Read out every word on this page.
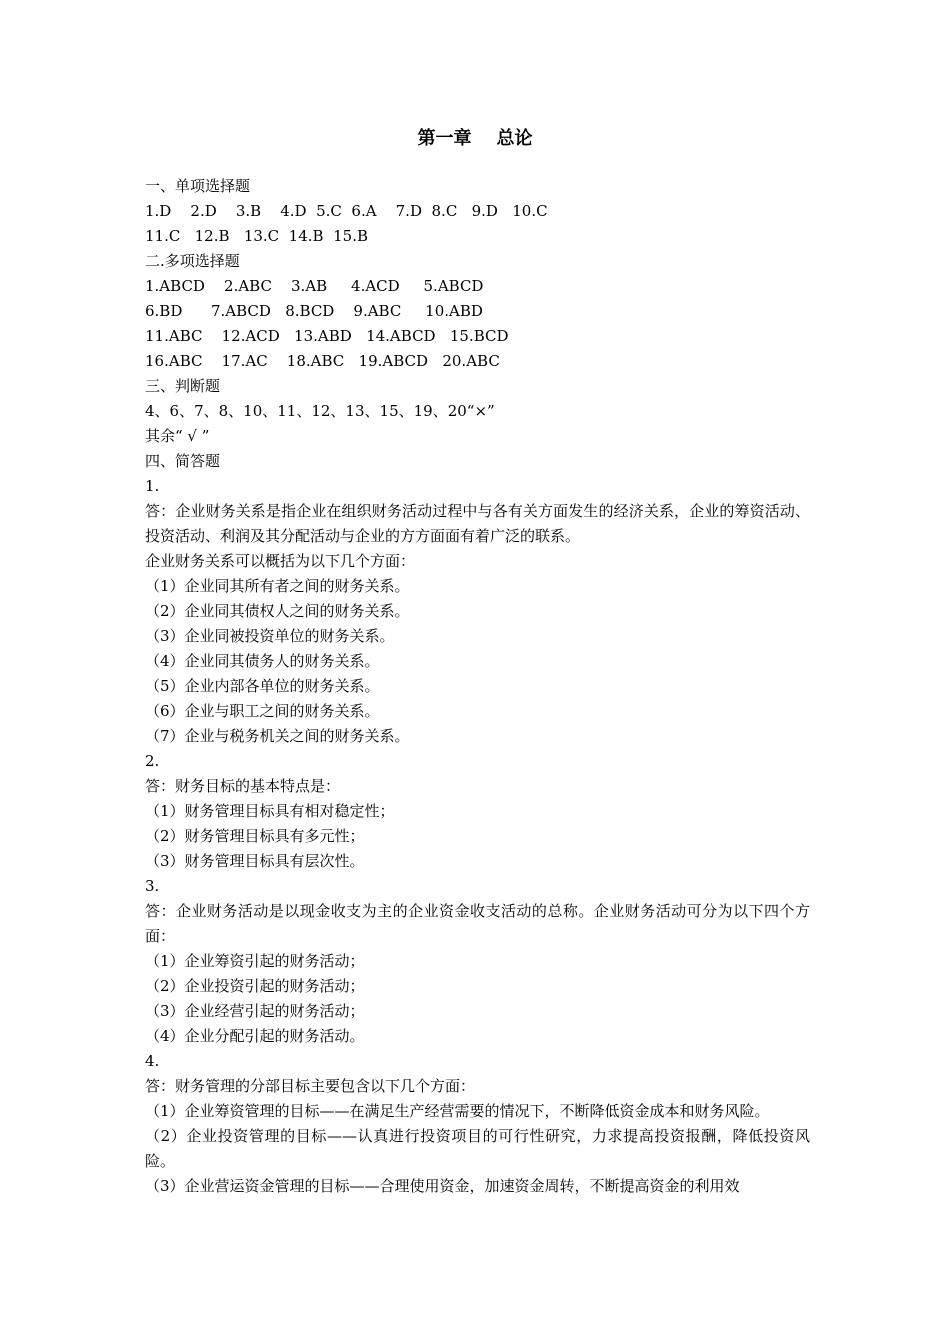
第一章    总论
一、单项选择题
1.D    2.D    3.B    4.D  5.C  6.A    7.D  8.C   9.D   10.C
11.C   12.B   13.C  14.B  15.B
二.多项选择题
1.ABCD    2.ABC    3.AB     4.ACD     5.ABCD
6.BD      7.ABCD   8.BCD    9.ABC     10.ABD
11.ABC    12.ACD   13.ABD   14.ABCD   15.BCD
16.ABC    17.AC    18.ABC   19.ABCD   20.ABC
三、判断题
4、6、7、8、10、11、12、13、15、19、20“×”
其余“ √ ”
四、简答题
1.
答：企业财务关系是指企业在组织财务活动过程中与各有关方面发生的经济关系，企业的筹资活动、投资活动、利润及其分配活动与企业的方方面面有着广泛的联系。
企业财务关系可以概括为以下几个方面：
（1）企业同其所有者之间的财务关系。
（2）企业同其债权人之间的财务关系。
（3）企业同被投资单位的财务关系。
（4）企业同其债务人的财务关系。
（5）企业内部各单位的财务关系。
（6）企业与职工之间的财务关系。
（7）企业与税务机关之间的财务关系。
2.
答：财务目标的基本特点是：
（1）财务管理目标具有相对稳定性；
（2）财务管理目标具有多元性；
（3）财务管理目标具有层次性。
3.
答：企业财务活动是以现金收支为主的企业资金收支活动的总称。企业财务活动可分为以下四个方面：
（1）企业筹资引起的财务活动；
（2）企业投资引起的财务活动；
（3）企业经营引起的财务活动；
（4）企业分配引起的财务活动。
4.
答：财务管理的分部目标主要包含以下几个方面：
（1）企业筹资管理的目标——在满足生产经营需要的情况下，不断降低资金成本和财务风险。
（2）企业投资管理的目标——认真进行投资项目的可行性研究，力求提高投资报酬，降低投资风险。
（3）企业营运资金管理的目标——合理使用资金，加速资金周转，不断提高资金的利用效
